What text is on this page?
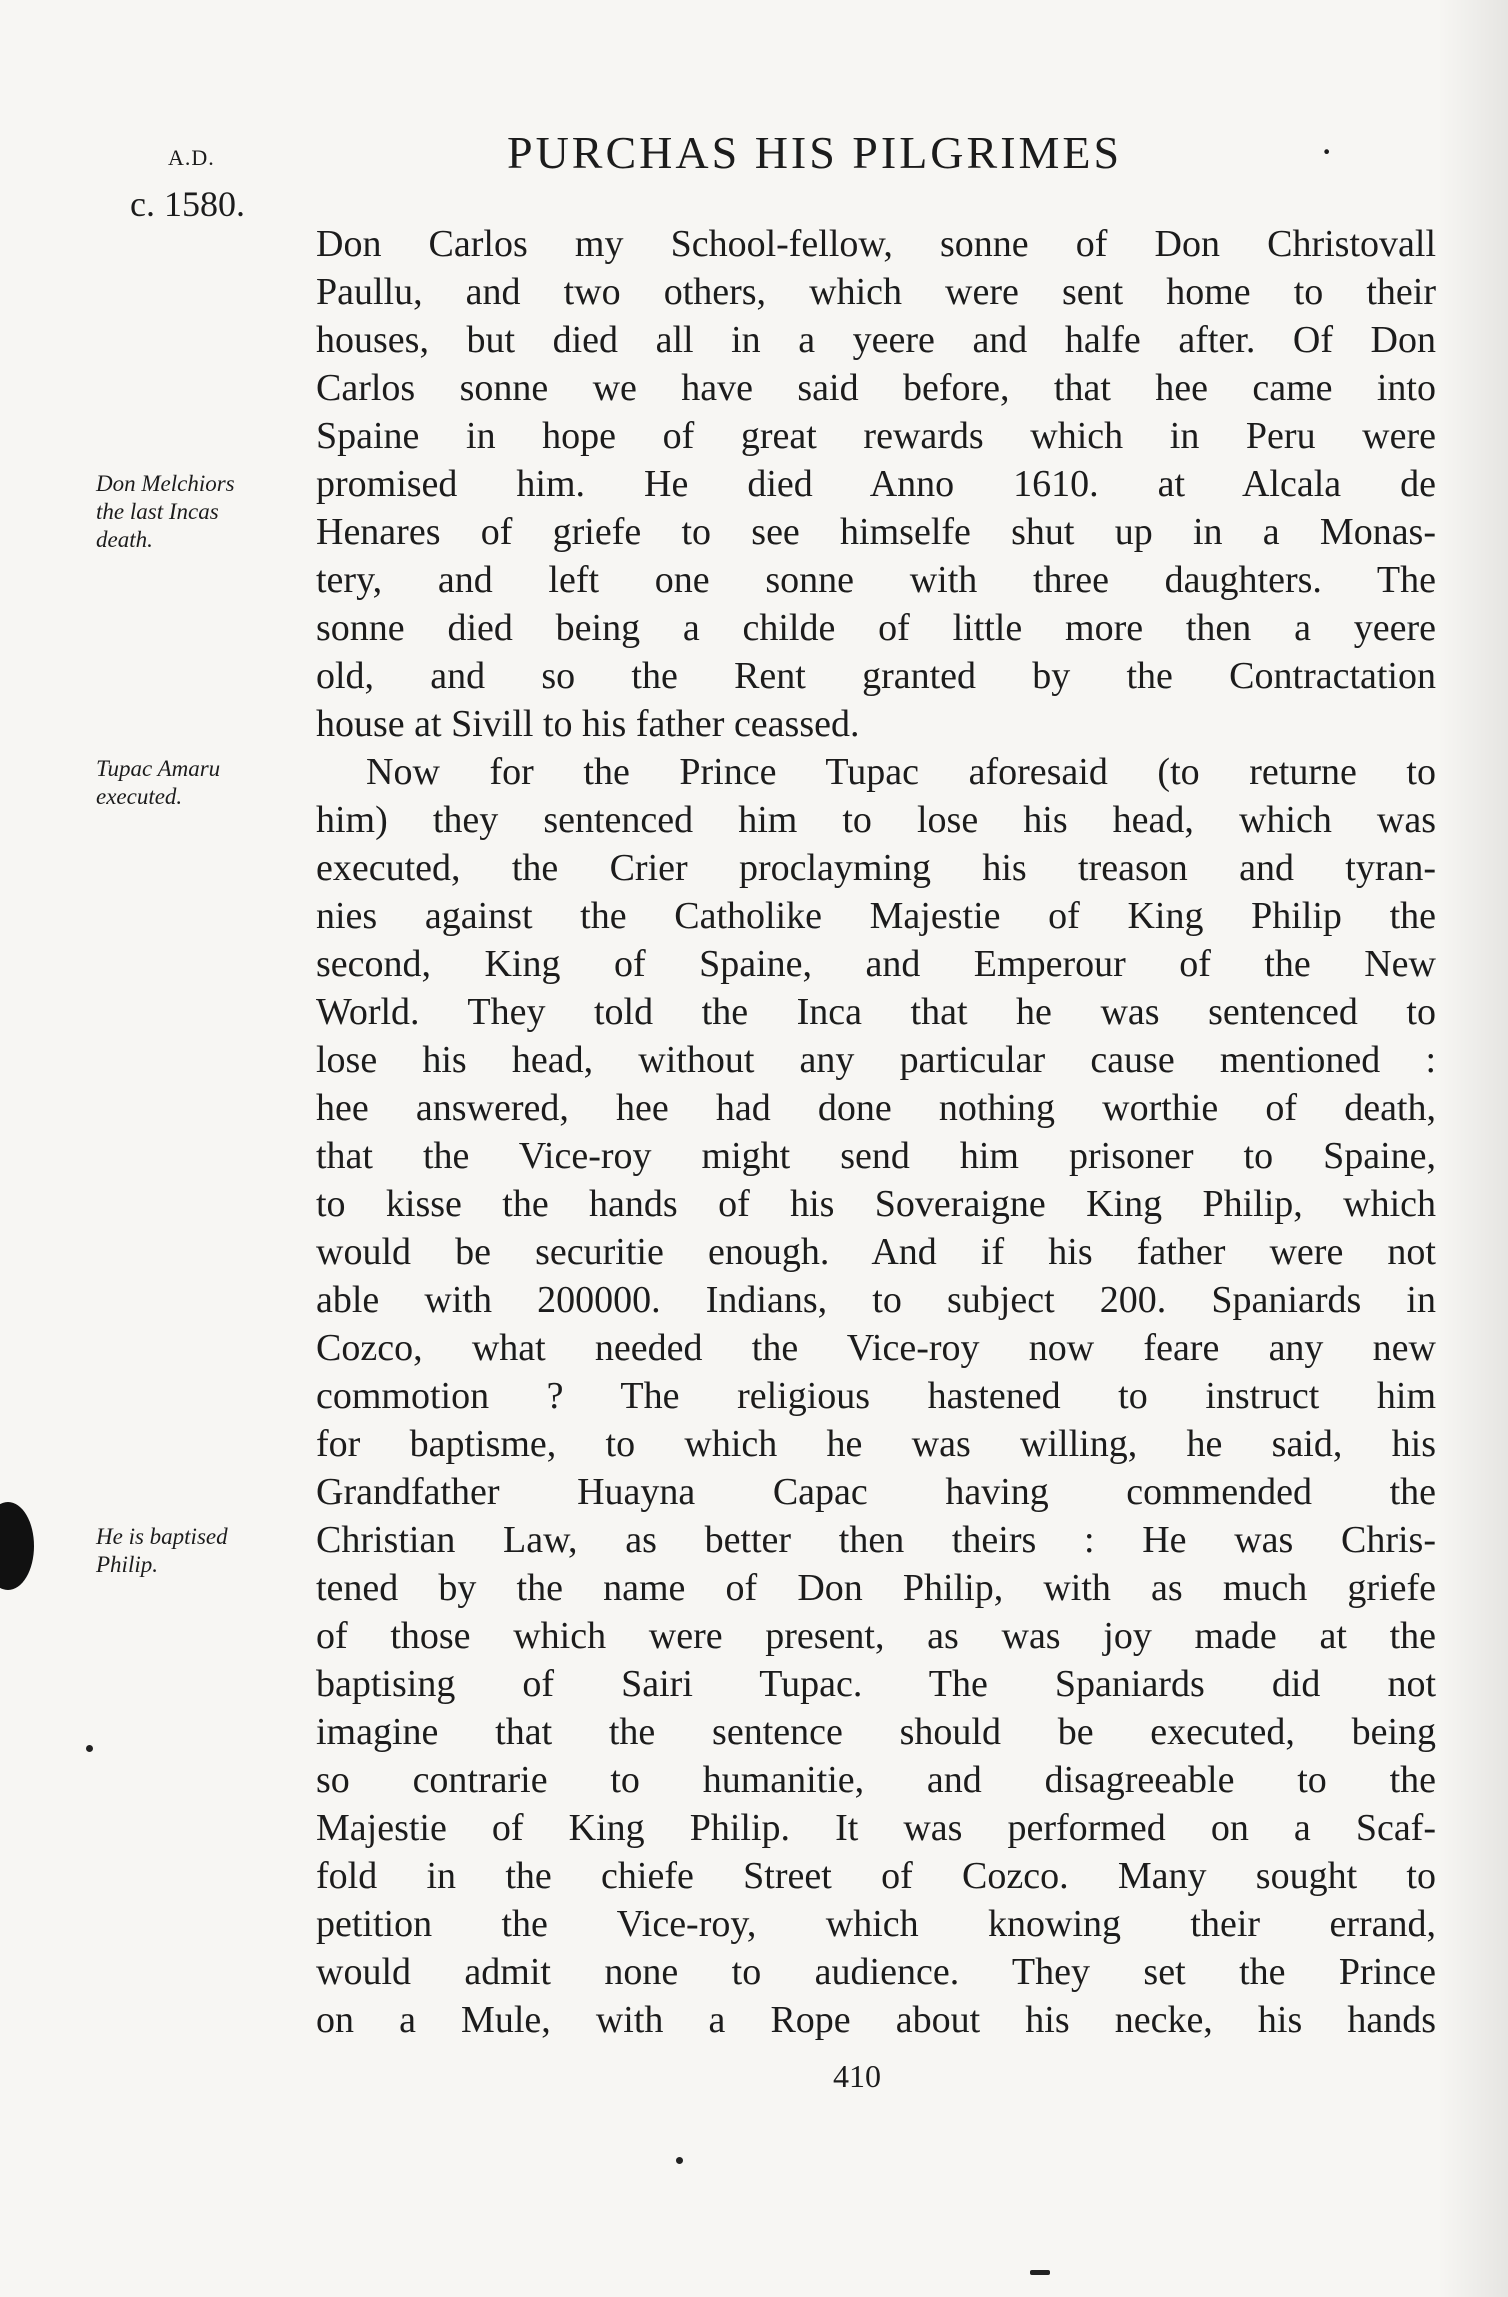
A.D.
c. 1580.
PURCHAS HIS PILGRIMES	·
Don Melchiors
the last Incas
death.
Tupac Amaru
executed.
He is baptised
Philip.
Don Carlos my School-fellow, sonne of Don Christovall
Paullu, and two others, which were sent home to their
houses, but died all in a yeere and halfe after. Of Don
Carlos sonne we have said before, that hee came into
Spaine in hope of great rewards which in Peru were
promised him. He died Anno 1610. at Alcala de
Henares of griefe to see himselfe shut up in a Monas-
tery, and left one sonne with three daughters. The
sonne died being a childe of little more then a yeere
old, and so the Rent granted by the Contractation
house at Sivill to his father ceassed.
Now for the Prince Tupac aforesaid (to returne to
him) they sentenced him to lose his head, which was
executed, the Crier proclayming his treason and tyran-
nies against the Catholike Majestie of King Philip the
second, King of Spaine, and Emperour of the New
World. They told the Inca that he was sentenced to
lose his head, without any particular cause mentioned :
hee answered, hee had done nothing worthie of death,
that the Vice-roy might send him prisoner to Spaine,
to kisse the hands of his Soveraigne King Philip, which
would be securitie enough. And if his father were not
able with 200000. Indians, to subject 200. Spaniards in
Cozco, what needed the Vice-roy now feare any new
commotion ? The religious hastened to instruct him
for baptisme, to which he was willing, he said, his
Grandfather Huayna Capac having commended the
Christian Law, as better then theirs : He was Chris-
tened by the name of Don Philip, with as much griefe
of those which were present, as was joy made at the
baptising of Sairi Tupac. The Spaniards did not
imagine that the sentence should be executed, being
so contrarie to humanitie, and disagreeable to the
Majestie of King Philip. It was performed on a Scaf-
fold in the chiefe Street of Cozco. Many sought to
petition the Vice-roy, which knowing their errand,
would admit none to audience. They set the Prince
on a Mule, with a Rope about his necke, his hands
410
